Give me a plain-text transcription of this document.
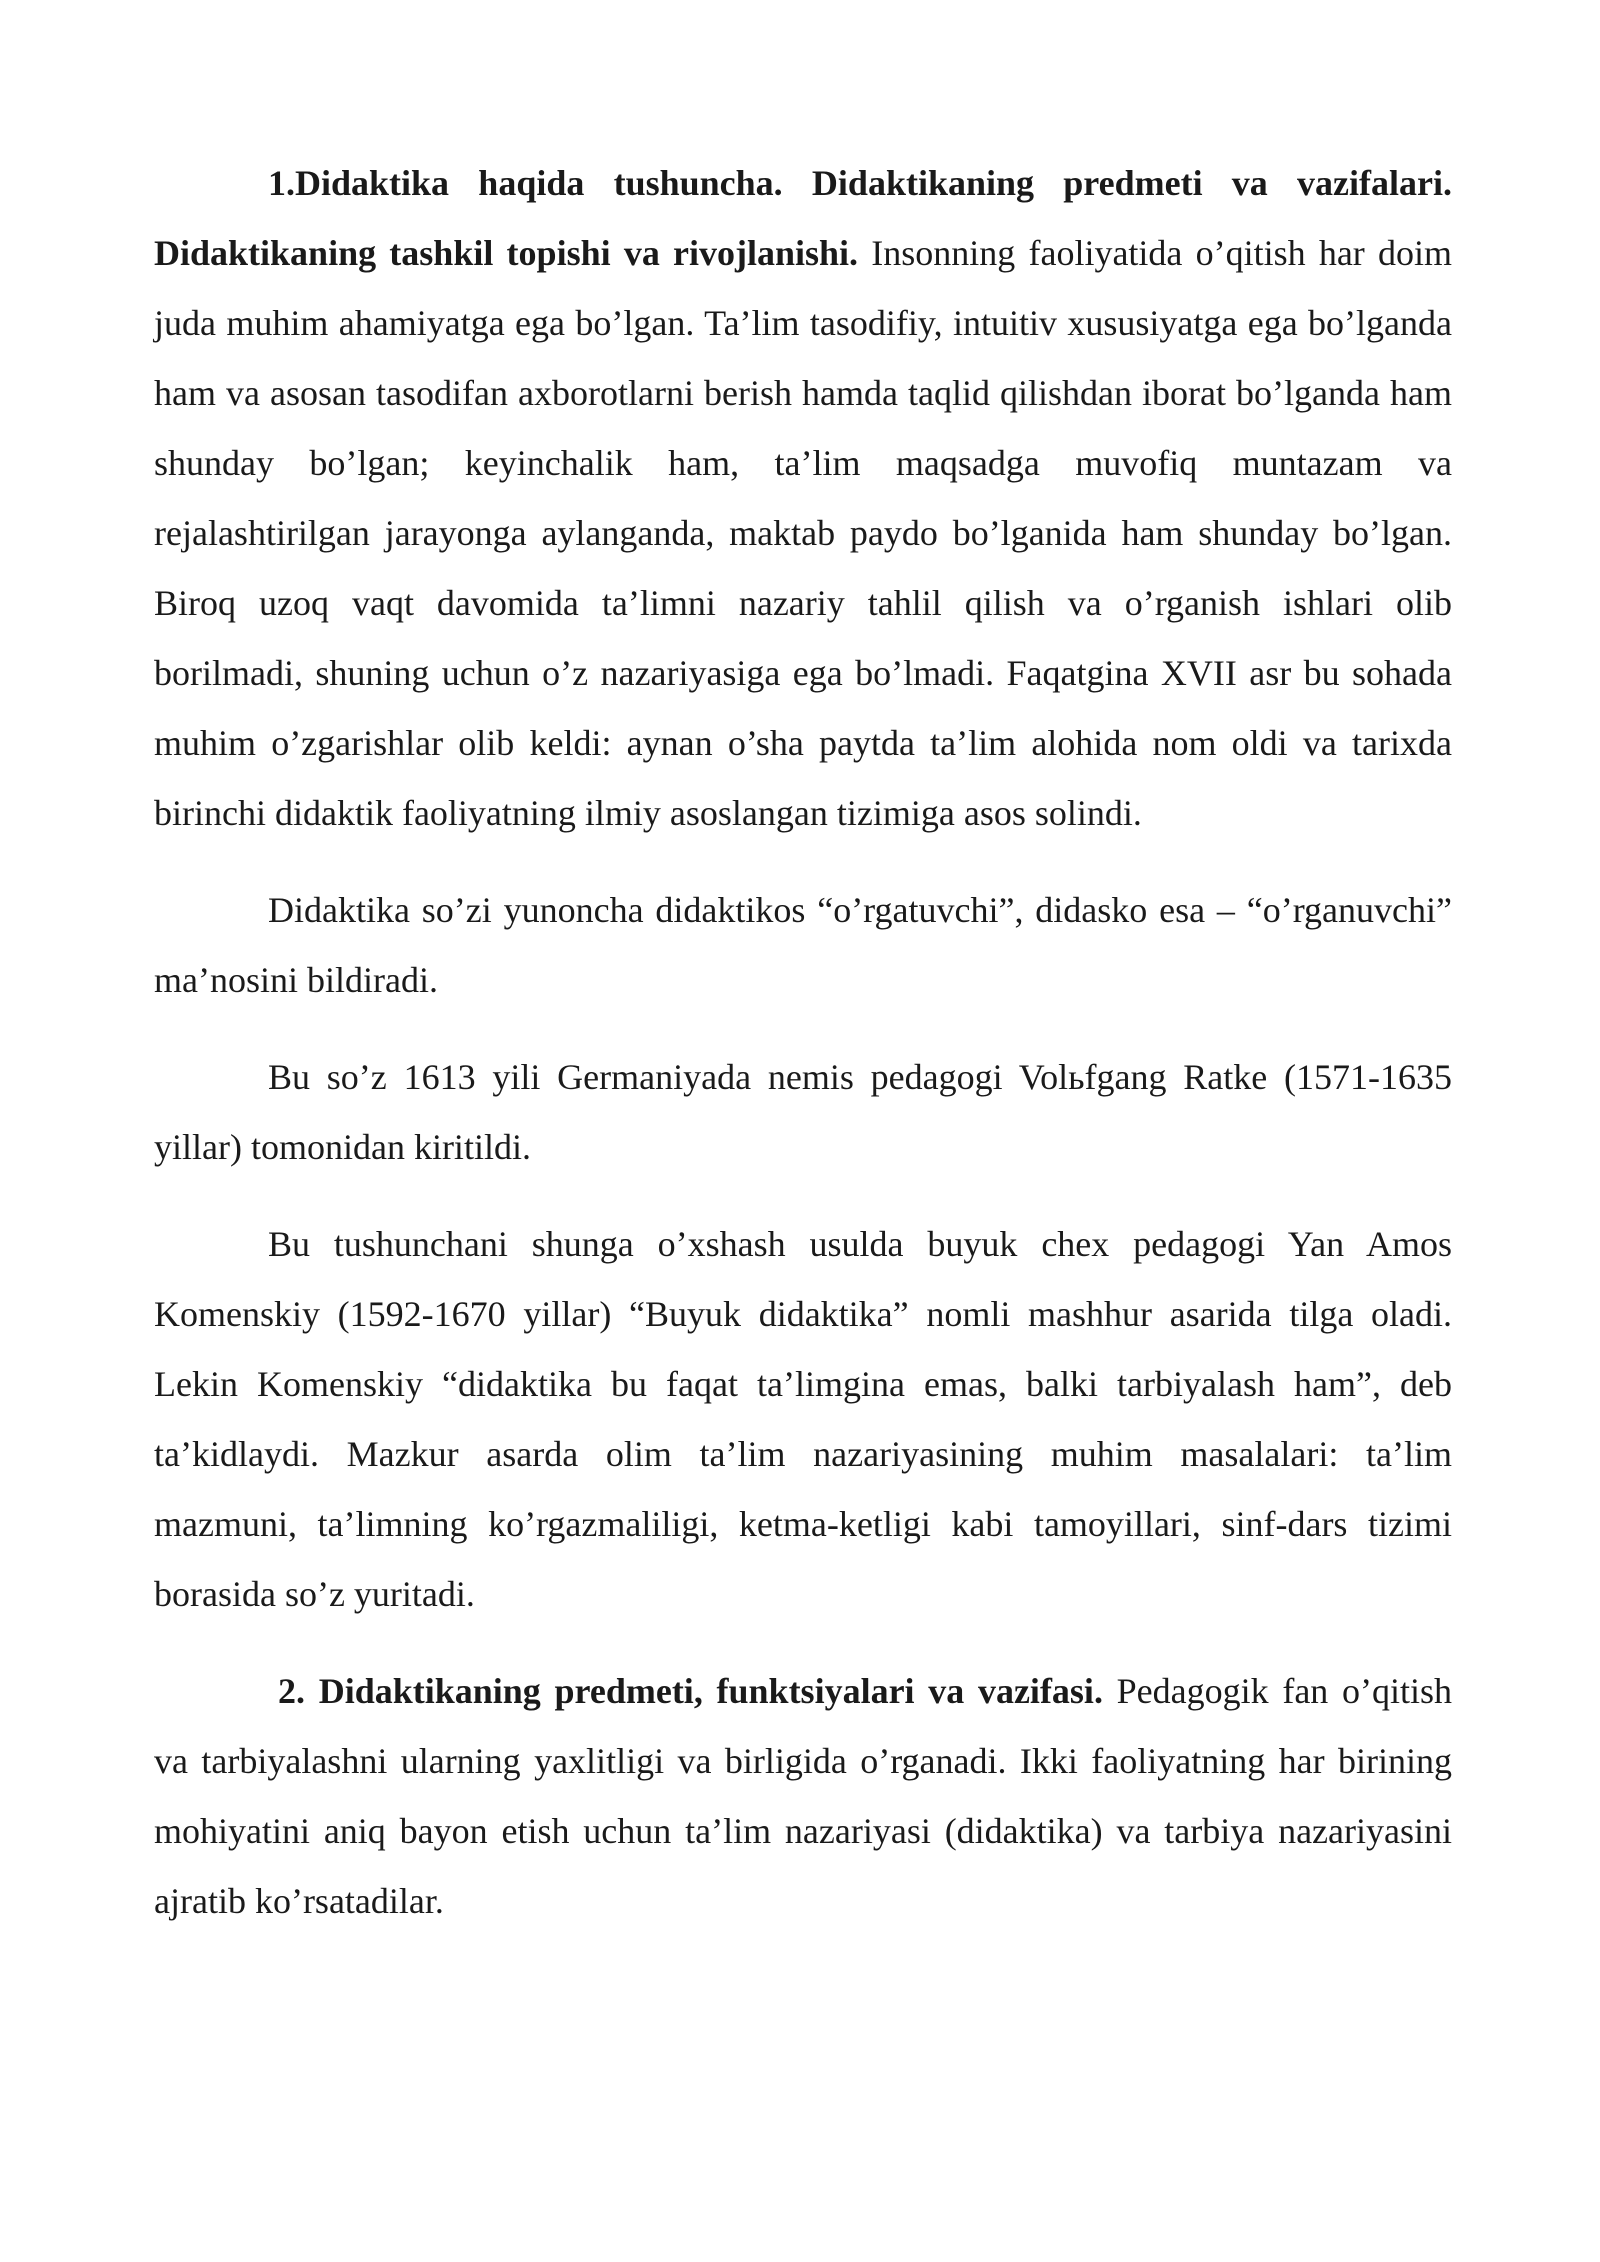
1.Didaktika haqida tushuncha. Didaktikaning predmeti va vazifalari. Didaktikaning tashkil topishi va rivojlanishi. Insonning faoliyatida o’qitish har doim juda muhim ahamiyatga ega bo’lgan. Ta’lim tasodifiy, intuitiv xususiyatga ega bo’lganda ham va asosan tasodifan axborotlarni berish hamda taqlid qilishdan iborat bo’lganda ham shunday bo’lgan; keyinchalik ham, ta’lim maqsadga muvofiq muntazam va rejalashtirilgan jarayonga aylanganda, maktab paydo bo’lganida ham shunday bo’lgan. Biroq uzoq vaqt davomida ta’limni nazariy tahlil qilish va o’rganish ishlari olib borilmadi, shuning uchun o’z nazariyasiga ega bo’lmadi. Faqatgina XVII asr bu sohada muhim o’zgarishlar olib keldi: aynan o’sha paytda ta’lim alohida nom oldi va tarixda birinchi didaktik faoliyatning ilmiy asoslangan tizimiga asos solindi.

Didaktika so’zi yunoncha didaktikos “o’rgatuvchi”, didasko esa – “o’rganuvchi” ma’nosini bildiradi.

Bu so’z 1613 yili Germaniyada nemis pedagogi Volьfgang Ratke (1571-1635 yillar) tomonidan kiritildi.

Bu tushunchani shunga o’xshash usulda buyuk chex pedagogi Yan Amos Komenskiy (1592-1670 yillar) “Buyuk didaktika” nomli mashhur asarida tilga oladi. Lekin Komenskiy “didaktika bu faqat ta’limgina emas, balki tarbiyalash ham”, deb ta’kidlaydi. Mazkur asarda olim ta’lim nazariyasining muhim masalalari: ta’lim mazmuni, ta’limning ko’rgazmaliligi, ketma-ketligi kabi tamoyillari, sinf-dars tizimi borasida so’z yuritadi.

2. Didaktikaning predmeti, funktsiyalari va vazifasi. Pedagogik fan o’qitish va tarbiyalashni ularning yaxlitligi va birligida o’rganadi. Ikki faoliyatning har birining mohiyatini aniq bayon etish uchun ta’lim nazariyasi (didaktika) va tarbiya nazariyasini ajratib ko’rsatadilar.
